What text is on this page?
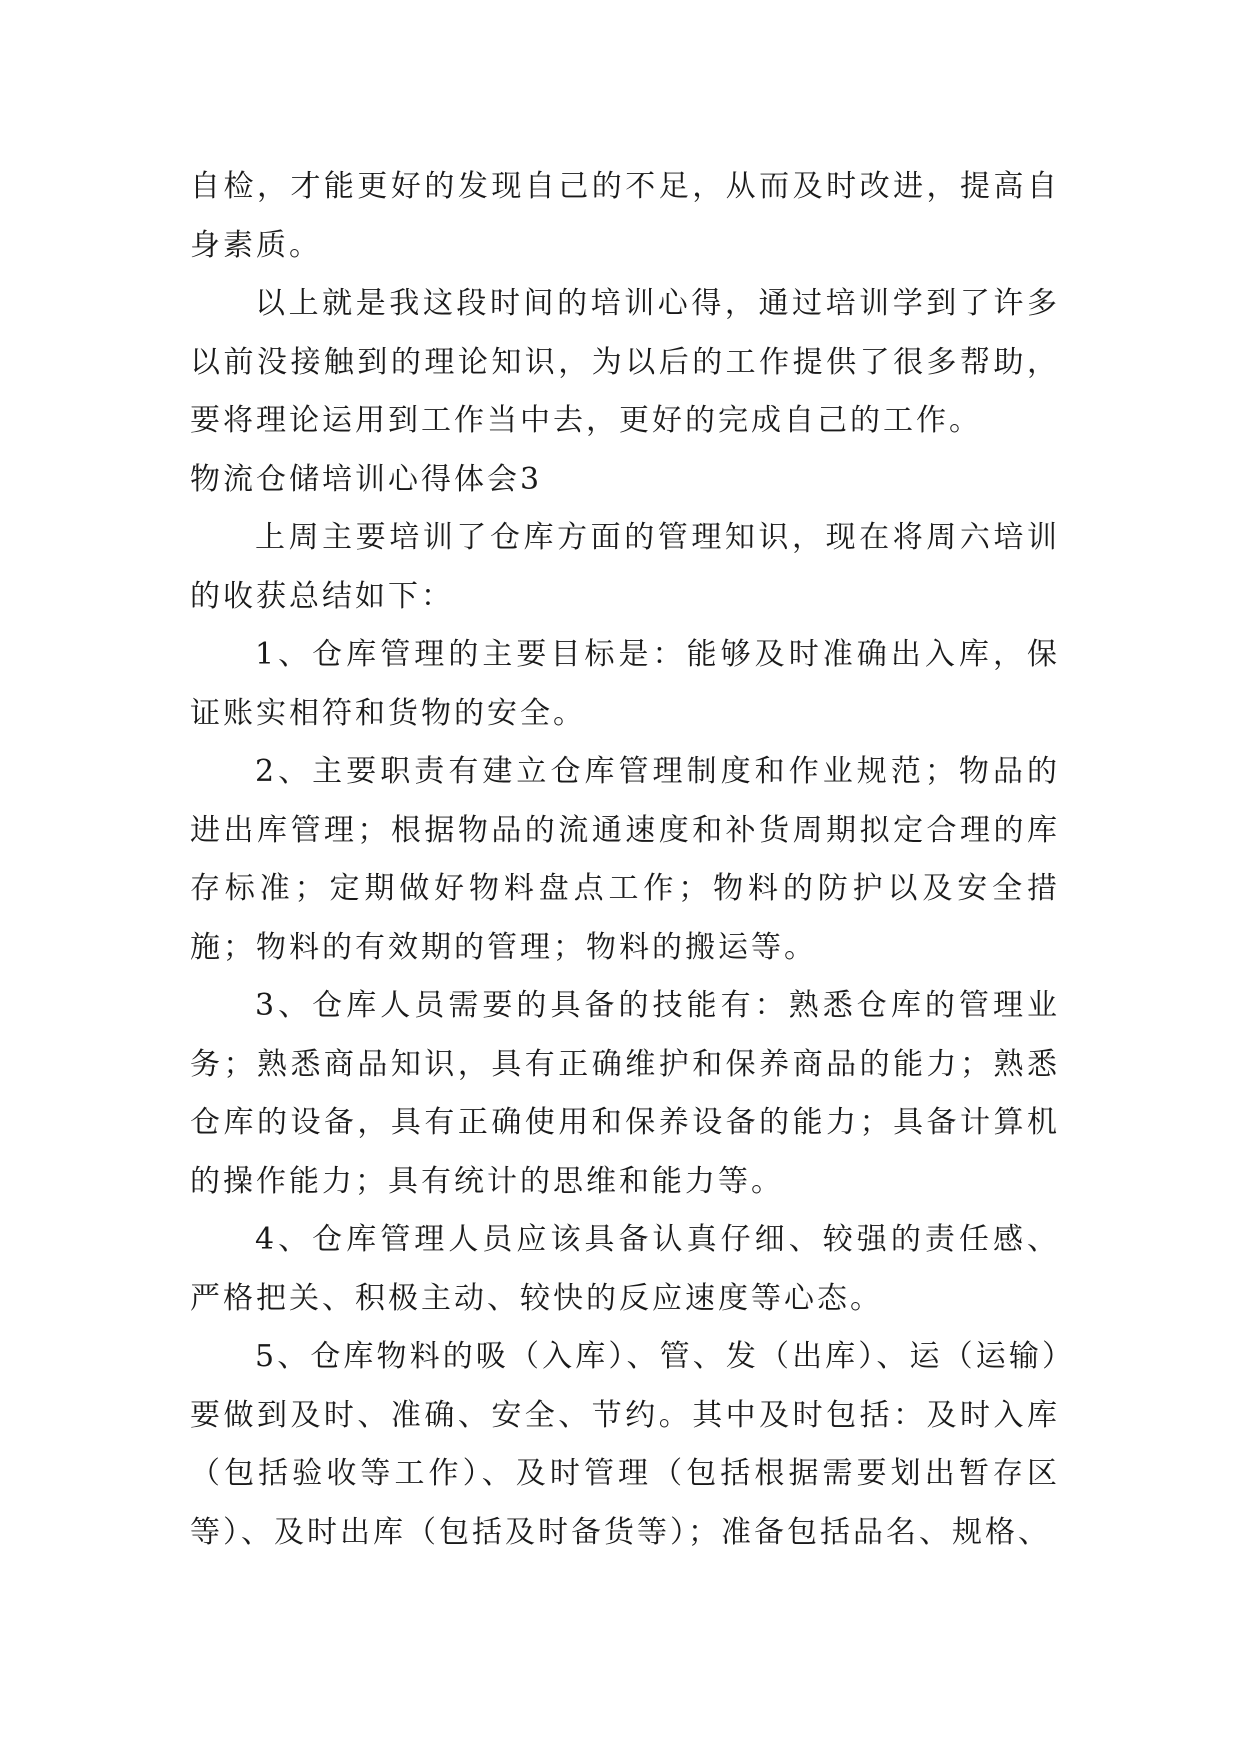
自检，才能更好的发现自己的不足，从而及时改进，提高自身素质。

以上就是我这段时间的培训心得，通过培训学到了许多以前没接触到的理论知识，为以后的工作提供了很多帮助，要将理论运用到工作当中去，更好的完成自己的工作。

物流仓储培训心得体会3

上周主要培训了仓库方面的管理知识，现在将周六培训的收获总结如下：

1、仓库管理的主要目标是：能够及时准确出入库，保证账实相符和货物的安全。

2、主要职责有建立仓库管理制度和作业规范；物品的进出库管理；根据物品的流通速度和补货周期拟定合理的库存标准；定期做好物料盘点工作；物料的防护以及安全措施；物料的有效期的管理；物料的搬运等。

3、仓库人员需要的具备的技能有：熟悉仓库的管理业务；熟悉商品知识，具有正确维护和保养商品的能力；熟悉仓库的设备，具有正确使用和保养设备的能力；具备计算机的操作能力；具有统计的思维和能力等。

4、仓库管理人员应该具备认真仔细、较强的责任感、严格把关、积极主动、较快的反应速度等心态。

5、仓库物料的吸（入库）、管、发（出库）、运（运输）要做到及时、准确、安全、节约。其中及时包括：及时入库（包括验收等工作）、及时管理（包括根据需要划出暂存区等）、及时出库（包括及时备货等）；准备包括品名、规格、
